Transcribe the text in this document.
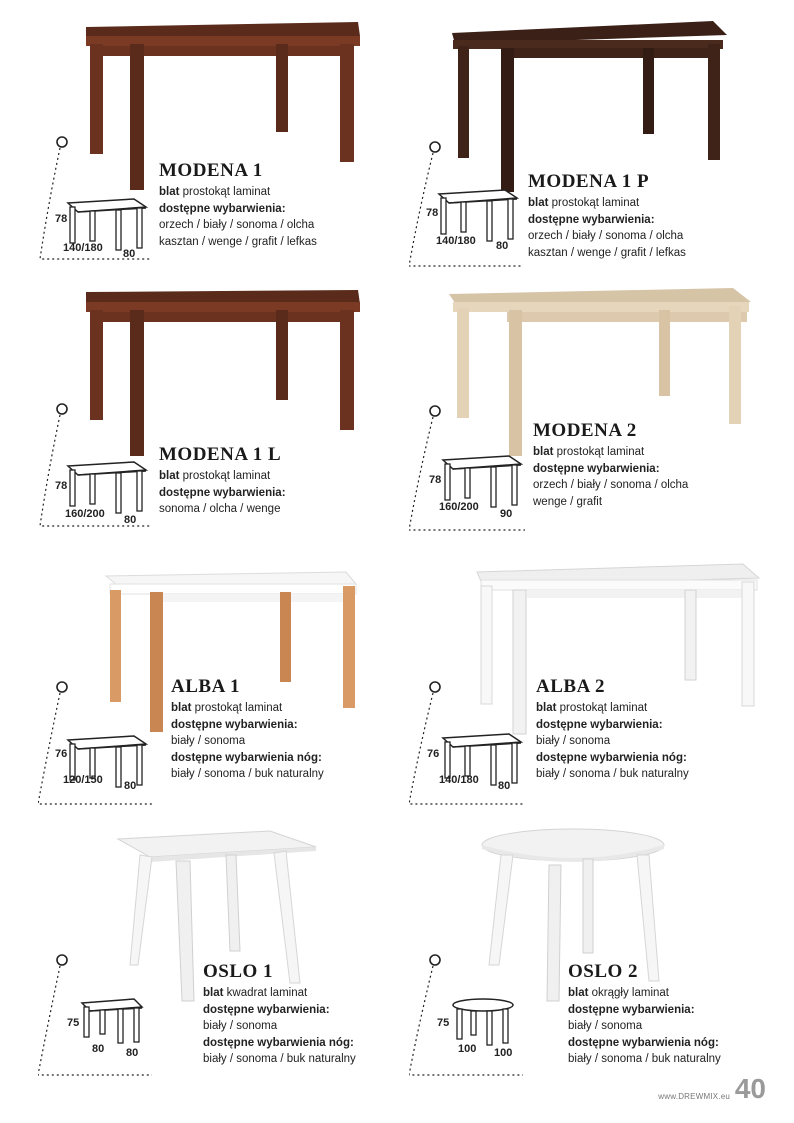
78
140/180 80
MODENA 1
blat prostokąt laminat
dostępne wybarwienia:
orzech / biały / sonoma / olcha
kasztan / wenge / grafit / lefkas
78
140/180 80
MODENA 1 P
blat prostokąt laminat
dostępne wybarwienia:
orzech / biały / sonoma / olcha
kasztan / wenge / grafit / lefkas
78
160/200 80
MODENA 1 L
blat prostokąt laminat
dostępne wybarwienia:
sonoma / olcha / wenge
78
160/200
90
MODENA 2
blat prostokąt laminat
dostępne wybarwienia:
orzech / biały / sonoma / olcha
wenge / grafit
76
120/150 80
ALBA 1
blat prostokąt laminat
dostępne wybarwienia:
biały / sonoma
dostępne wybarwienia nóg:
biały / sonoma / buk naturalny
76
140/180 80
ALBA 2
blat prostokąt laminat
dostępne wybarwienia:
biały / sonoma
dostępne wybarwienia nóg:
biały / sonoma / buk naturalny
75
80 80
OSLO 1
blat kwadrat laminat
dostępne wybarwienia:
biały / sonoma
dostępne wybarwienia nóg:
biały / sonoma / buk naturalny
75
100 100
OSLO 2
blat okrągły laminat
dostępne wybarwienia:
biały / sonoma
dostępne wybarwienia nóg:
biały / sonoma / buk naturalny
www.DREWMIX.eu 40
